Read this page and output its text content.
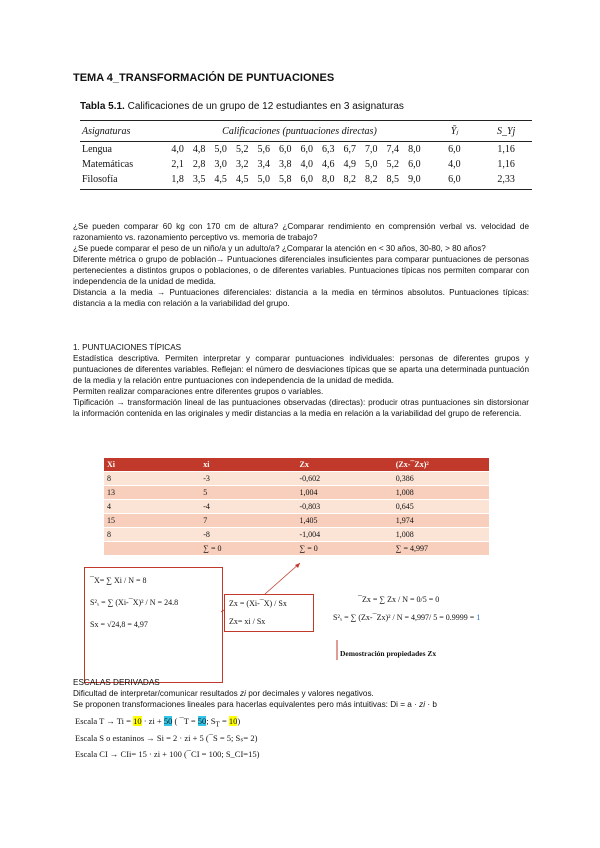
TEMA 4_TRANSFORMACIÓN DE PUNTUACIONES
Tabla 5.1. Calificaciones de un grupo de 12 estudiantes en 3 asignaturas
Asignaturas	Calificaciones (puntuaciones directas)												Ȳⱼ	S_Yj
Lengua	4,0	4,8	5,0	5,2	5,6	6,0	6,0	6,3	6,7	7,0	7,4	8,0	6,0	1,16
Matemáticas	2,1	2,8	3,0	3,2	3,4	3,8	4,0	4,6	4,9	5,0	5,2	6,0	4,0	1,16
Filosofía	1,8	3,5	4,5	4,5	5,0	5,8	6,0	8,0	8,2	8,2	8,5	9,0	6,0	2,33

¿Se pueden comparar 60 kg con 170 cm de altura? ¿Comparar rendimiento en comprensión verbal vs. velocidad de razonamiento vs. razonamiento perceptivo vs. memoria de trabajo?

¿Se puede comparar el peso de un niño/a y un adulto/a? ¿Comparar la atención en < 30 años, 30-80, > 80 años?

Diferente métrica o grupo de población→ Puntuaciones diferenciales insuficientes para comparar puntuaciones de personas pertenecientes a distintos grupos o poblaciones, o de diferentes variables. Puntuaciones típicas nos permiten comparar con independencia de la unidad de medida.

Distancia a la media → Puntuaciones diferenciales: distancia a la media en términos absolutos. Puntuaciones típicas: distancia a la media con relación a la variabilidad del grupo.

1. PUNTUACIONES TÍPICAS

Estadística descriptiva. Permiten interpretar y comparar puntuaciones individuales: personas de diferentes grupos y puntuaciones de diferentes variables. Reflejan: el número de desviaciones típicas que se aparta una determinada puntuación de la media y la relación entre puntuaciones con independencia de la unidad de medida.

Permiten realizar comparaciones entre diferentes grupos o variables.

Tipificación → transformación lineal de las puntuaciones observadas (directas): producir otras puntuaciones sin distorsionar la información contenida en las originales y medir distancias a la media en relación a la variabilidad del grupo de referencia.

Xi	xi	Zx	(Zx-¯Zx)²
8	-3	-0,602	0,386
13	5	1,004	1,008
4	-4	-0,803	0,645
15	7	1,405	1,974
8	-8	-1,004	1,008
	∑ = 0	∑ = 0	∑ = 4,997
¯X= ∑ Xi / N = 8
S²ₓ = ∑ (Xi-¯X)² / N = 24.8
Sx = √24,8 = 4,97
Zx = (Xi-¯X) / Sx
Zx= xi / Sx
¯Zx = ∑ Zx / N = 0/5 = 0
S²ₓ = ∑ (Zx-¯Zx)² / N = 4,997/ 5 = 0.9999 = 1
Demostración propiedades Zx

ESCALAS DERIVADAS

Dificultad de interpretar/comunicar resultados zi por decimales y valores negativos.

Se proponen transformaciones lineales para hacerlas equivalentes pero más intuitivas: Di = a · zi · b

Escala T → Ti = 10 · zi + 50 ( ¯T = 50; $S_T = 10$)
Escala S o estaninos → Si = 2 · zi + 5 (¯S = 5; Sₛ= 2)
Escala CI → CIi= 15 · zi + 100 (¯CI = 100; S_CI=15)
